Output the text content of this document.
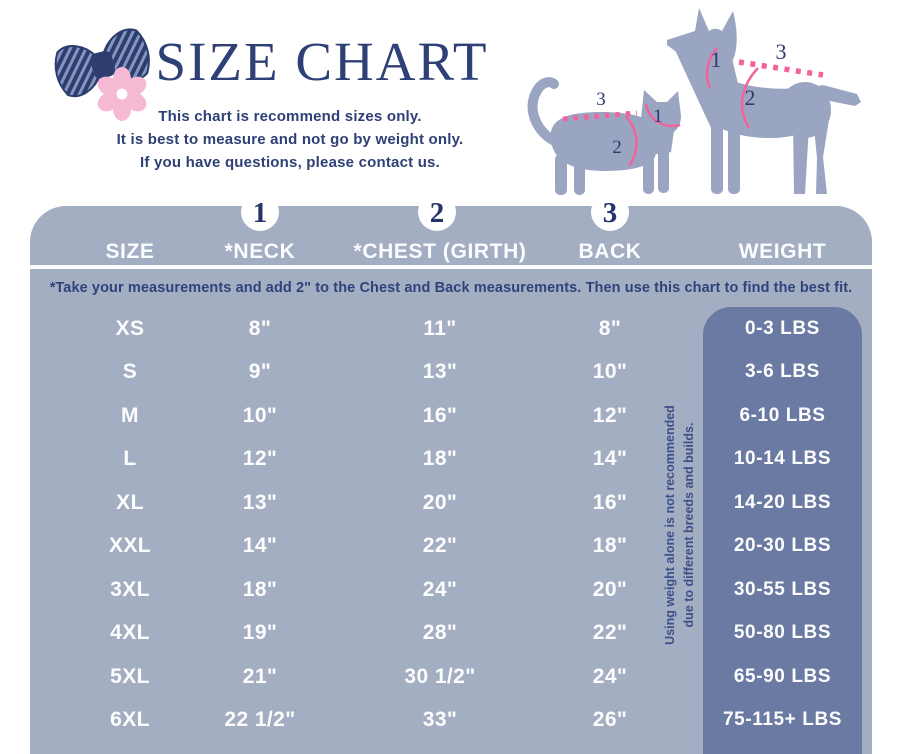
SIZE CHART
This chart is recommend sizes only.
It is best to measure and not go by weight only.
If you have questions, please contact us.
3
1
2
1
2
3
1	2	3
SIZE	*NECK	*CHEST (GIRTH)	BACK	WEIGHT
*Take your measurements and add 2" to the Chest and Back measurements. Then use this chart to find the best fit.
Using weight alone is not recommended due to different breeds and builds.
XS	8"	11"	8"	0-3 LBS
S	9"	13"	10"	3-6 LBS
M	10"	16"	12"	6-10 LBS
L	12"	18"	14"	10-14 LBS
XL	13"	20"	16"	14-20 LBS
XXL	14"	22"	18"	20-30 LBS
3XL	18"	24"	20"	30-55 LBS
4XL	19"	28"	22"	50-80 LBS
5XL	21"	30 1/2"	24"	65-90 LBS
6XL	22 1/2"	33"	26"	75-115+ LBS
